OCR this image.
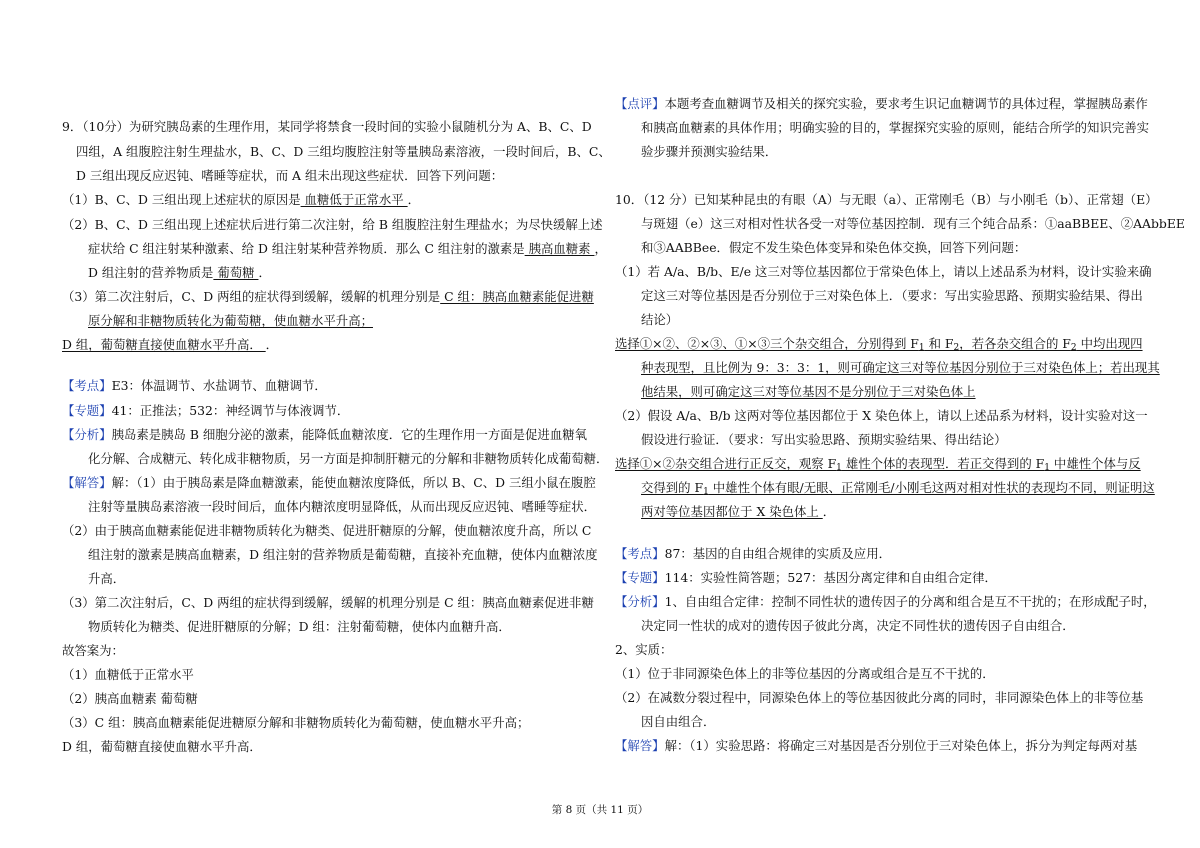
9．（10分）为研究胰岛素的生理作用，某同学将禁食一段时间的实验小鼠随机分为 A、B、C、D
四组，A 组腹腔注射生理盐水，B、C、D 三组均腹腔注射等量胰岛素溶液，一段时间后，B、C、
D 三组出现反应迟钝、嗜睡等症状，而 A 组未出现这些症状．回答下列问题：
（1）B、C、D 三组出现上述症状的原因是 血糖低于正常水平 ．
（2）B、C、D 三组出现上述症状后进行第二次注射，给 B 组腹腔注射生理盐水；为尽快缓解上述
症状给 C 组注射某种激素、给 D 组注射某种营养物质．那么 C 组注射的激素是 胰高血糖素 ，
D 组注射的营养物质是 葡萄糖 ．
（3）第二次注射后，C、D 两组的症状得到缓解，缓解的机理分别是 C 组：胰高血糖素能促进糖
原分解和非糖物质转化为葡萄糖，使血糖水平升高；
D 组，葡萄糖直接使血糖水平升高． ．
【考点】E3：体温调节、水盐调节、血糖调节．
【专题】41：正推法；532：神经调节与体液调节．
【分析】胰岛素是胰岛 B 细胞分泌的激素，能降低血糖浓度．它的生理作用一方面是促进血糖氧
化分解、合成糖元、转化成非糖物质，另一方面是抑制肝糖元的分解和非糖物质转化成葡萄糖．
【解答】解：（1）由于胰岛素是降血糖激素，能使血糖浓度降低，所以 B、C、D 三组小鼠在腹腔
注射等量胰岛素溶液一段时间后，血体内糖浓度明显降低，从而出现反应迟钝、嗜睡等症状．
（2）由于胰高血糖素能促进非糖物质转化为糖类、促进肝糖原的分解，使血糖浓度升高，所以 C
组注射的激素是胰高血糖素，D 组注射的营养物质是葡萄糖，直接补充血糖，使体内血糖浓度
升高．
（3）第二次注射后，C、D 两组的症状得到缓解，缓解的机理分别是 C 组：胰高血糖素促进非糖
物质转化为糖类、促进肝糖原的分解；D 组：注射葡萄糖，使体内血糖升高．
故答案为：
（1）血糖低于正常水平
（2）胰高血糖素 葡萄糖
（3）C 组：胰高血糖素能促进糖原分解和非糖物质转化为葡萄糖，使血糖水平升高；
D 组，葡萄糖直接使血糖水平升高．
【点评】本题考查血糖调节及相关的探究实验，要求考生识记血糖调节的具体过程，掌握胰岛素作
和胰高血糖素的具体作用；明确实验的目的，掌握探究实验的原则，能结合所学的知识完善实
验步骤并预测实验结果．
10．（12 分）已知某种昆虫的有眼（A）与无眼（a）、正常刚毛（B）与小刚毛（b）、正常翅（E）
与斑翅（e）这三对相对性状各受一对等位基因控制．现有三个纯合品系：①aaBBEE、②AAbbEE
和③AABBee．假定不发生染色体变异和染色体交换，回答下列问题：
（1）若 A/a、B/b、E/e 这三对等位基因都位于常染色体上，请以上述品系为材料，设计实验来确
定这三对等位基因是否分别位于三对染色体上．（要求：写出实验思路、预期实验结果、得出
结论）
选择①×②、②×③、①×③三个杂交组合，分别得到 $F_1$ 和 $F_2$，若各杂交组合的 $F_2$ 中均出现四
种表现型，且比例为 9：3：3：1，则可确定这三对等位基因分别位于三对染色体上；若出现其
他结果，则可确定这三对等位基因不是分别位于三对染色体上
（2）假设 A/a、B/b 这两对等位基因都位于 X 染色体上，请以上述品系为材料，设计实验对这一
假设进行验证．（要求：写出实验思路、预期实验结果、得出结论）
选择①×②杂交组合进行正反交，观察 $F_1$ 雄性个体的表现型．若正交得到的 $F_1$ 中雄性个体与反
交得到的 $F_1$ 中雄性个体有眼/无眼、正常刚毛/小刚毛这两对相对性状的表现均不同，则证明这
两对等位基因都位于 X 染色体上 ．
【考点】87：基因的自由组合规律的实质及应用．
【专题】114：实验性简答题；527：基因分离定律和自由组合定律．
【分析】1、自由组合定律：控制不同性状的遗传因子的分离和组合是互不干扰的；在形成配子时，
决定同一性状的成对的遗传因子彼此分离，决定不同性状的遗传因子自由组合．
2、实质：
（1）位于非同源染色体上的非等位基因的分离或组合是互不干扰的．
（2）在减数分裂过程中，同源染色体上的等位基因彼此分离的同时，非同源染色体上的非等位基
因自由组合．
【解答】解：（1）实验思路：将确定三对基因是否分别位于三对染色体上，拆分为判定每两对基
第 8 页（共 11 页）
